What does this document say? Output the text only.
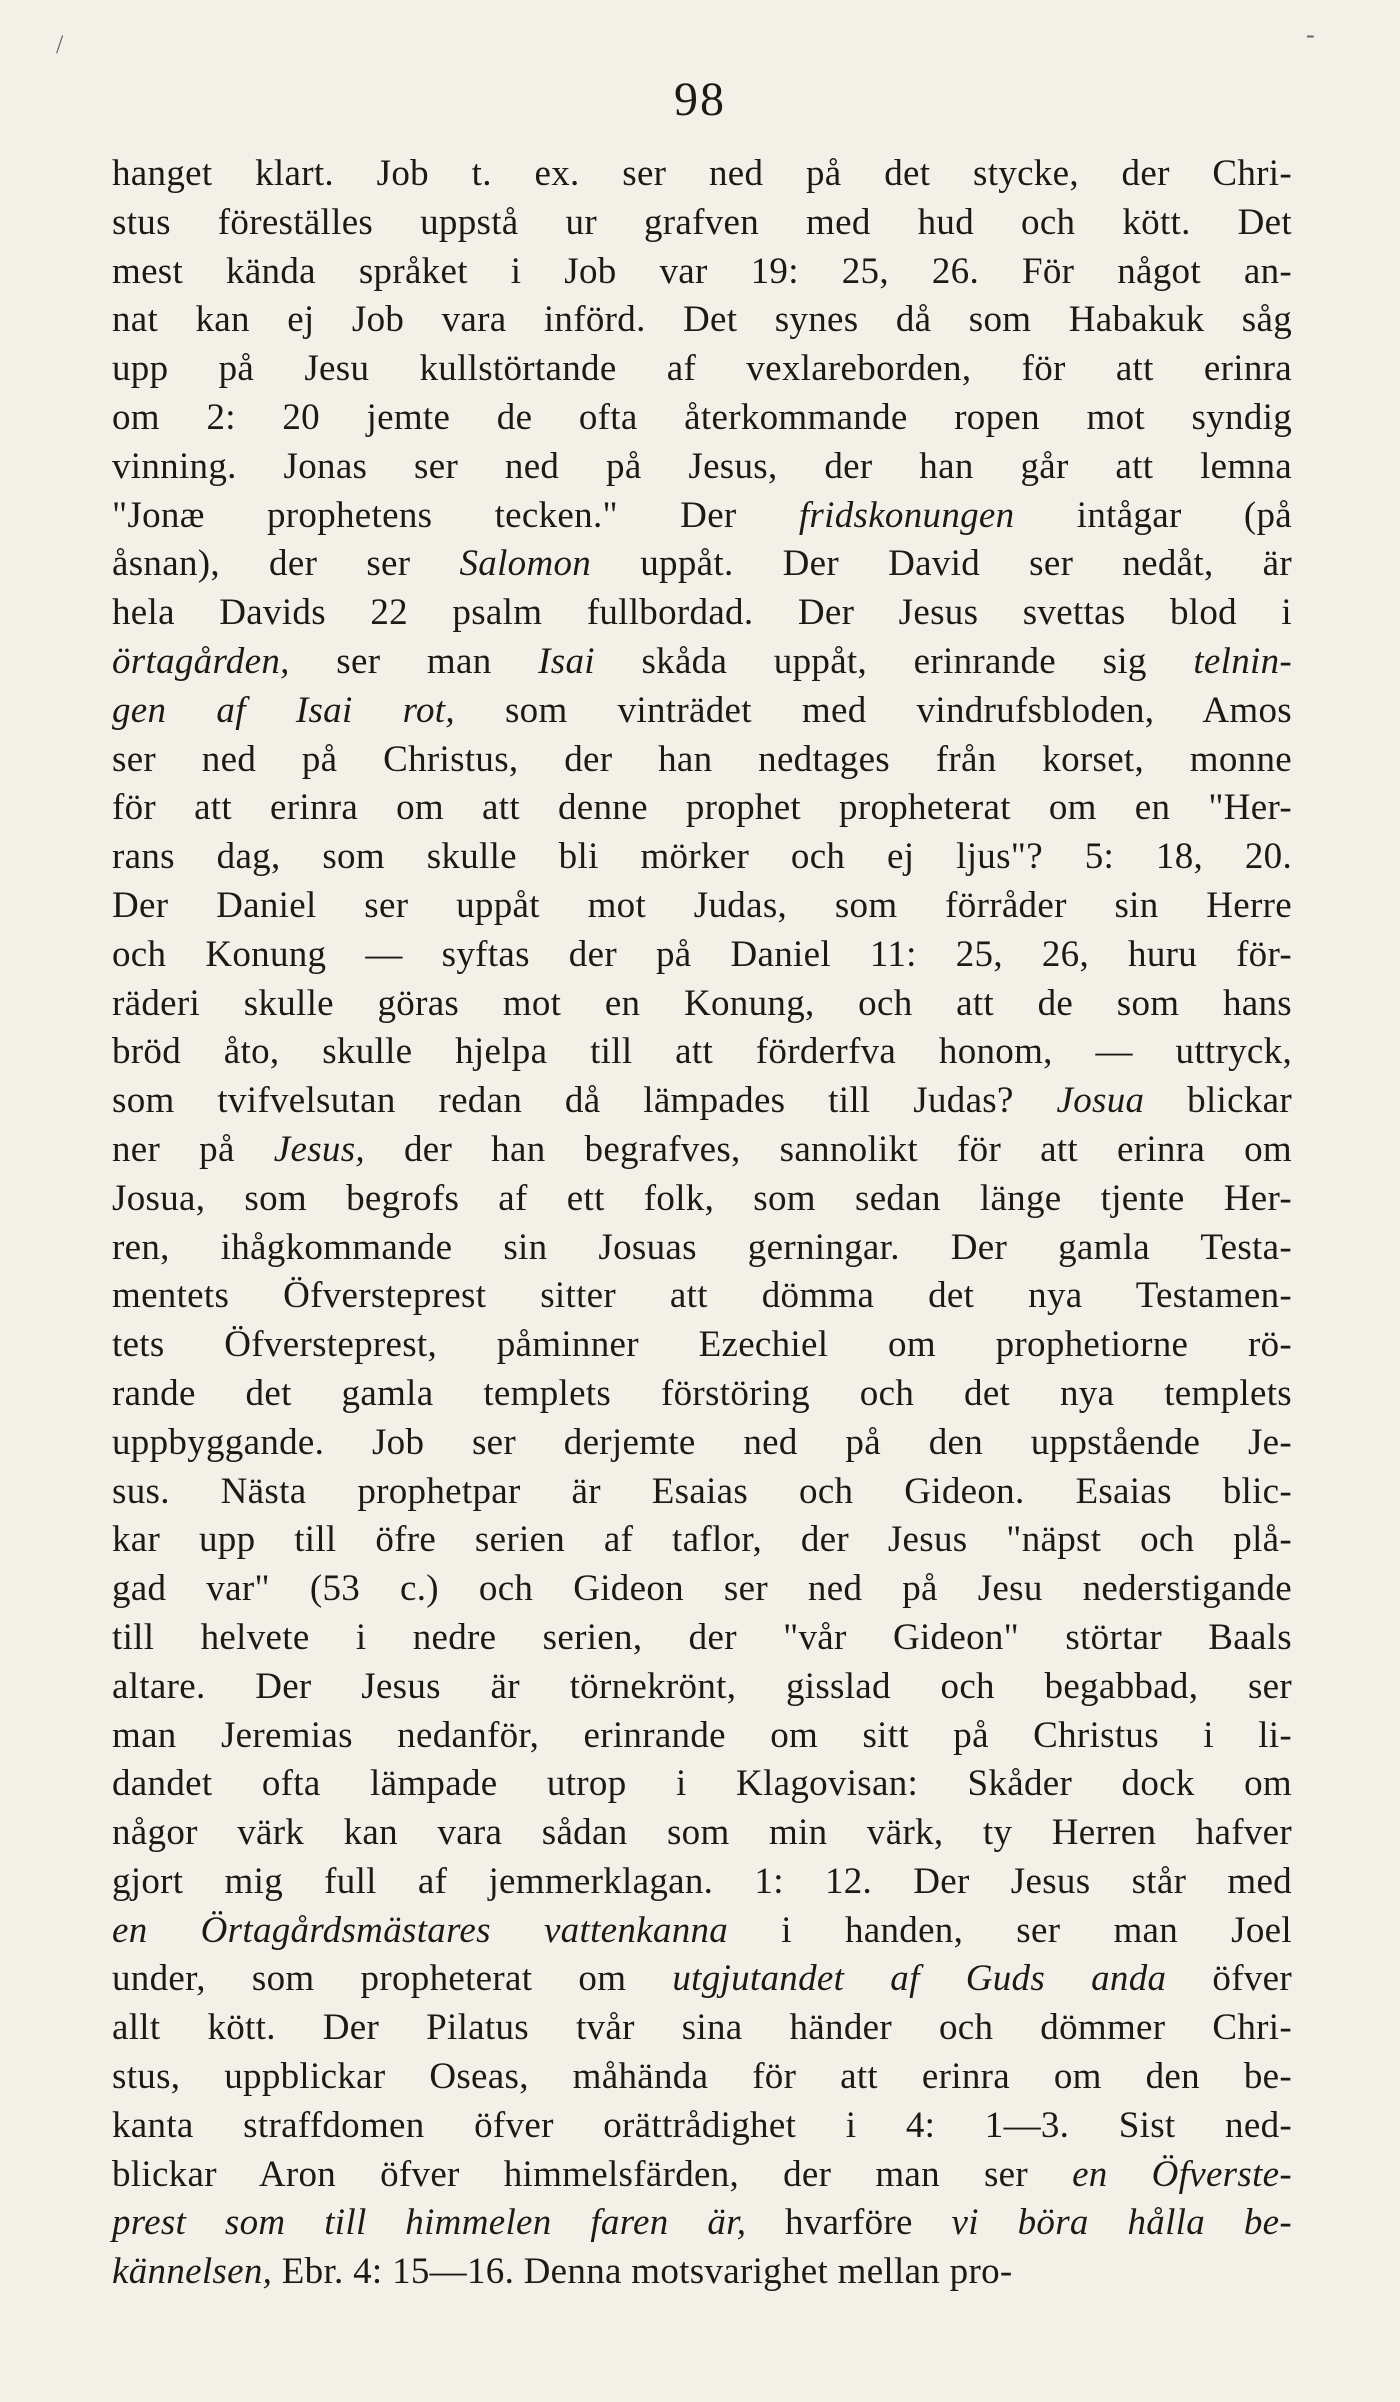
98
/	-
hanget klart. Job t. ex. ser ned på det stycke, der Chri-
stus föreställes uppstå ur grafven med hud och kött. Det
mest kända språket i Job var 19: 25, 26. För något an-
nat kan ej Job vara införd. Det synes då som Habakuk såg
upp på Jesu kullstörtande af vexlareborden, för att erinra
om 2: 20 jemte de ofta återkommande ropen mot syndig
vinning. Jonas ser ned på Jesus, der han går att lemna
"Jonæ prophetens tecken." Der fridskonungen intågar (på
åsnan), der ser Salomon uppåt. Der David ser nedåt, är
hela Davids 22 psalm fullbordad. Der Jesus svettas blod i
örtagården, ser man Isai skåda uppåt, erinrande sig telnin-
gen af Isai rot, som vinträdet med vindrufsbloden, Amos
ser ned på Christus, der han nedtages från korset, monne
för att erinra om att denne prophet propheterat om en "Her-
rans dag, som skulle bli mörker och ej ljus"? 5: 18, 20.
Der Daniel ser uppåt mot Judas, som förråder sin Herre
och Konung — syftas der på Daniel 11: 25, 26, huru för-
räderi skulle göras mot en Konung, och att de som hans
bröd åto, skulle hjelpa till att förderfva honom, — uttryck,
som tvifvelsutan redan då lämpades till Judas? Josua blickar
ner på Jesus, der han begrafves, sannolikt för att erinra om
Josua, som begrofs af ett folk, som sedan länge tjente Her-
ren, ihågkommande sin Josuas gerningar. Der gamla Testa-
mentets Öfversteprest sitter att dömma det nya Testamen-
tets Öfversteprest, påminner Ezechiel om prophetiorne rö-
rande det gamla templets förstöring och det nya templets
uppbyggande. Job ser derjemte ned på den uppstående Je-
sus. Nästa prophetpar är Esaias och Gideon. Esaias blic-
kar upp till öfre serien af taflor, der Jesus "näpst och plå-
gad var" (53 c.) och Gideon ser ned på Jesu nederstigande
till helvete i nedre serien, der "vår Gideon" störtar Baals
altare. Der Jesus är törnekrönt, gisslad och begabbad, ser
man Jeremias nedanför, erinrande om sitt på Christus i li-
dandet ofta lämpade utrop i Klagovisan: Skåder dock om
någor värk kan vara sådan som min värk, ty Herren hafver
gjort mig full af jemmerklagan. 1: 12. Der Jesus står med
en Örtagårdsmästares vattenkanna i handen, ser man Joel
under, som propheterat om utgjutandet af Guds anda öfver
allt kött. Der Pilatus tvår sina händer och dömmer Chri-
stus, uppblickar Oseas, måhända för att erinra om den be-
kanta straffdomen öfver orättrådighet i 4: 1—3. Sist ned-
blickar Aron öfver himmelsfärden, der man ser en Öfverste-
prest som till himmelen faren är, hvarföre vi böra hålla be-
kännelsen, Ebr. 4: 15—16. Denna motsvarighet mellan pro-
